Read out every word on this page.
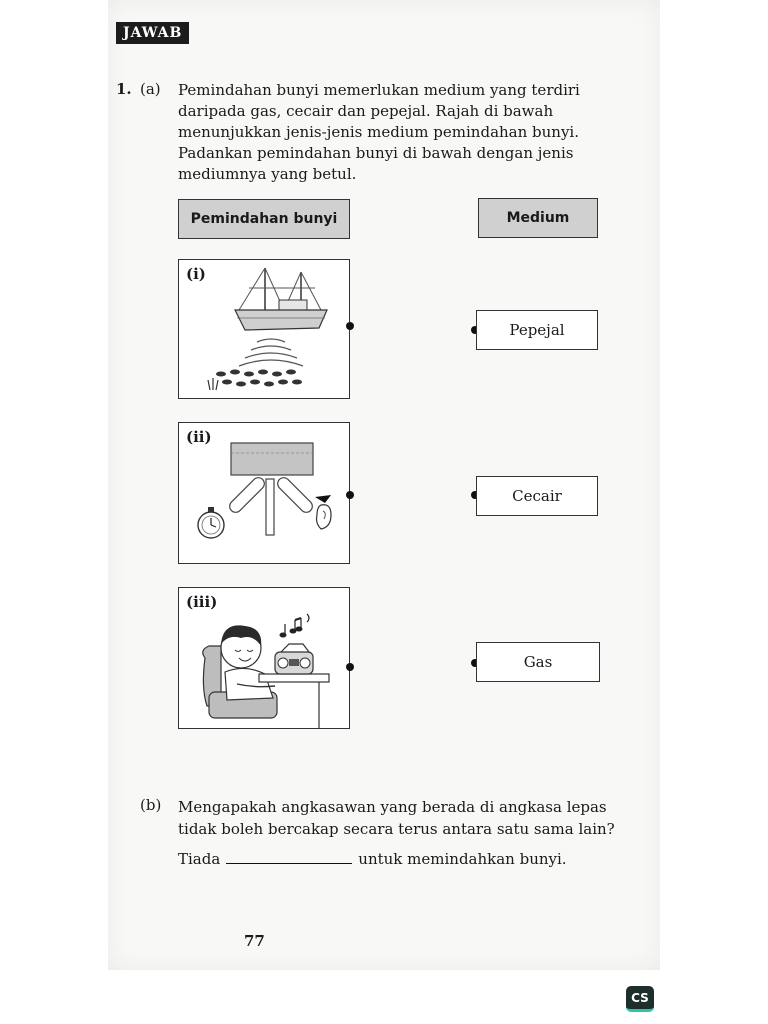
JAWAB
1. (a) Pemindahan bunyi memerlukan medium yang terdiri
daripada gas, cecair dan pepejal. Rajah di bawah
menunjukkan jenis-jenis medium pemindahan bunyi.
Padankan pemindahan bunyi di bawah dengan jenis
mediumnya yang betul.
Pemindahan bunyi	Medium
(i)
(ii)
(iii)
Pepejal
Cecair
Gas
(b) Mengapakah angkasawan yang berada di angkasa lepas
tidak boleh bercakap secara terus antara satu sama lain?
Tiada	untuk memindahkan bunyi.
77
CS
